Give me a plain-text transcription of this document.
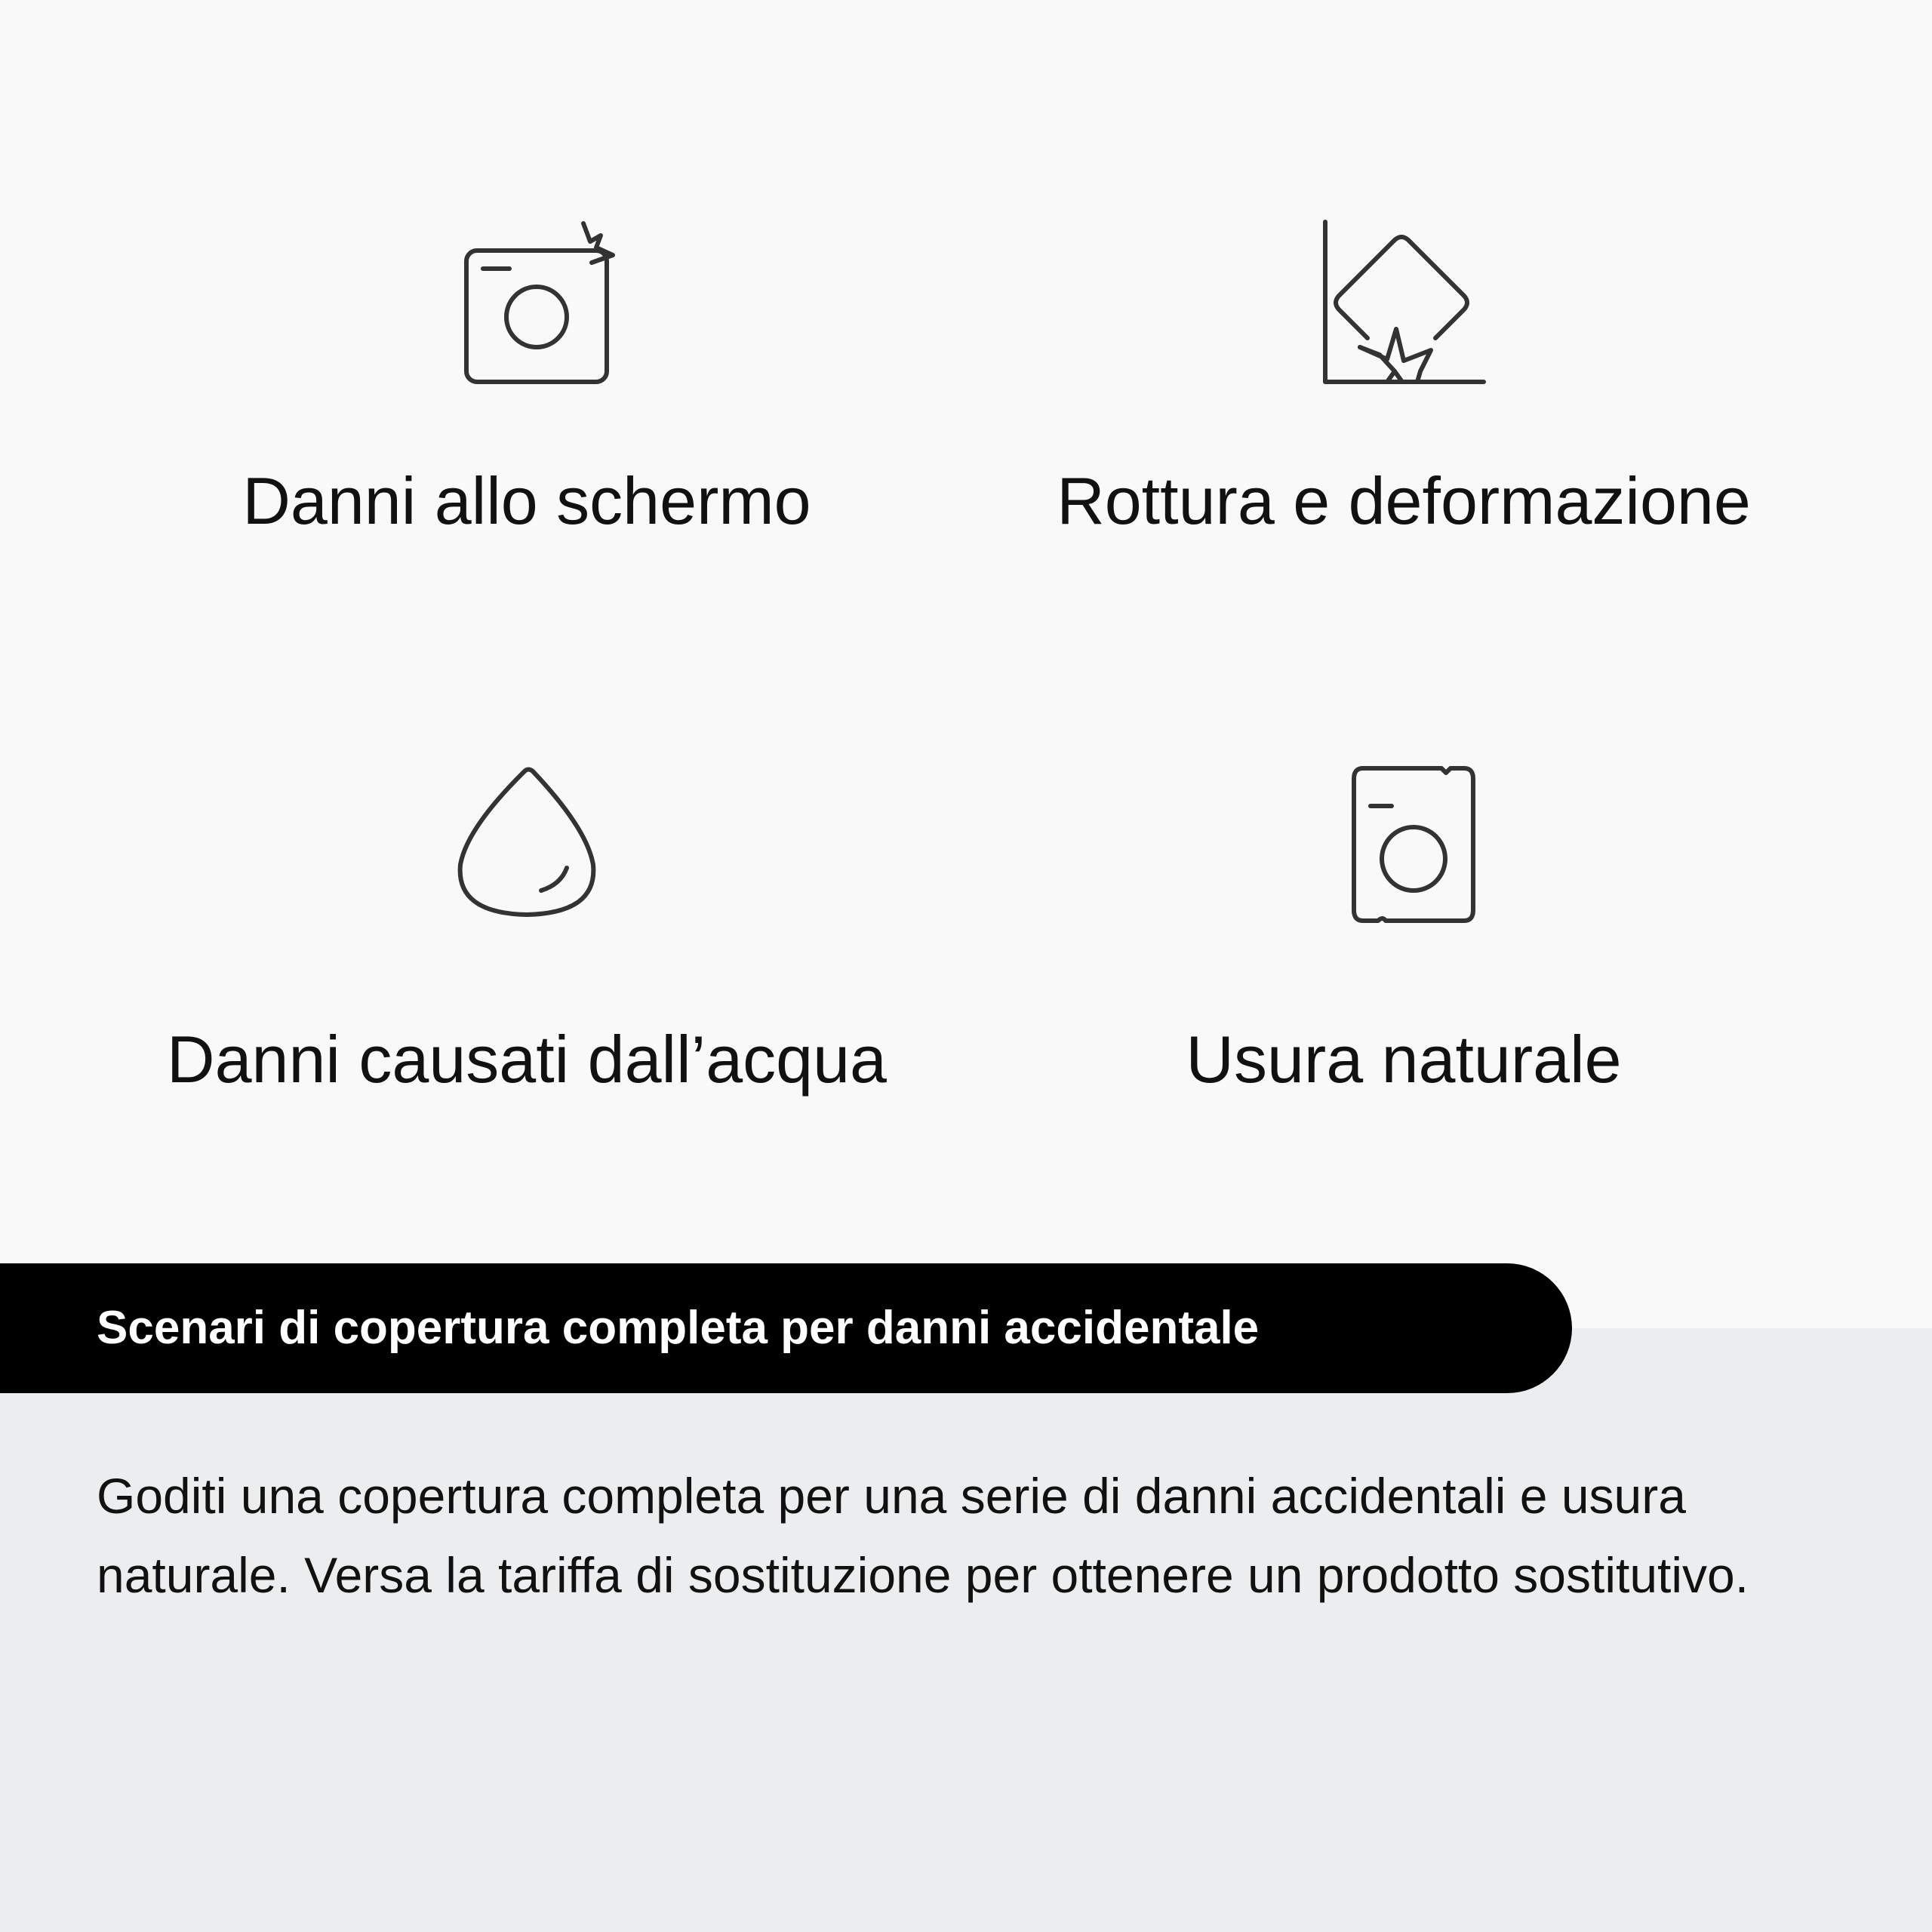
Danni allo schermo	Rottura e deformazione
Danni causati dall’acqua	Usura naturale
Scenari di copertura completa per danni accidentale
Goditi una copertura completa per una serie di danni accidentali e usura naturale. Versa la tariffa di sostituzione per ottenere un prodotto sostitutivo.
